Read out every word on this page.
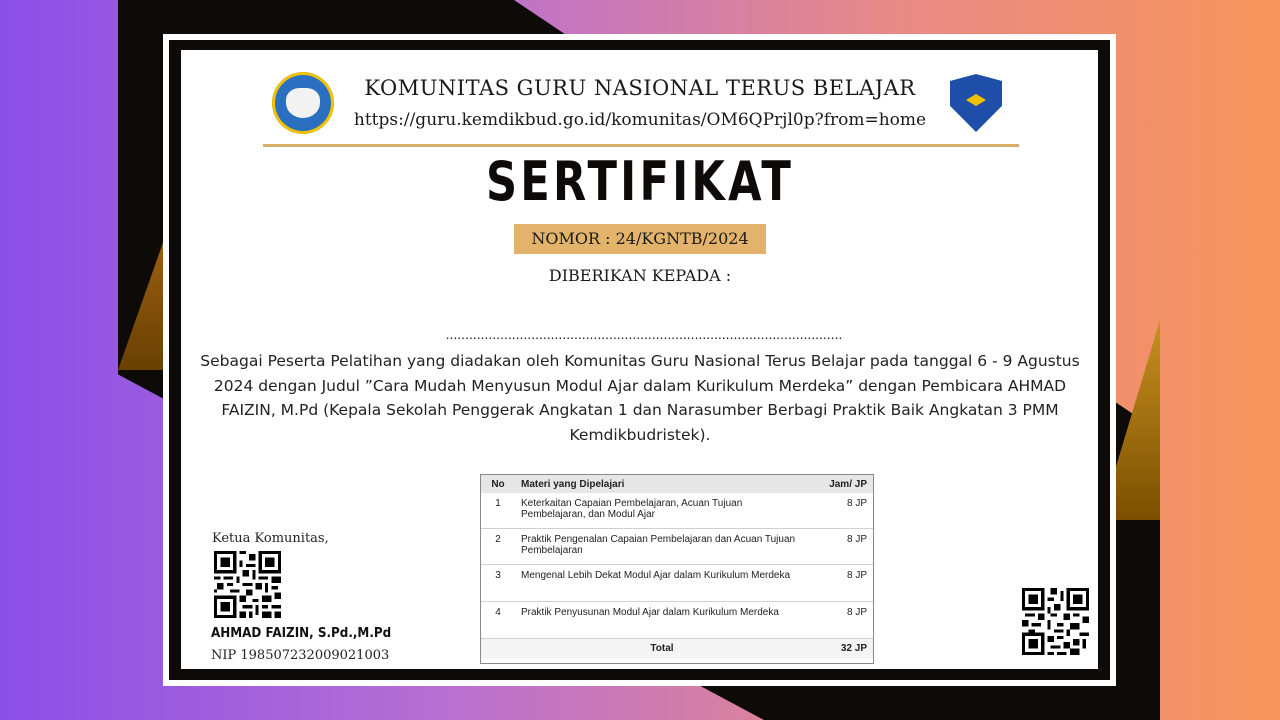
KOMUNITAS GURU NASIONAL TERUS BELAJAR
https://guru.kemdikbud.go.id/komunitas/OM6QPrjl0p?from=home
SERTIFIKAT
NOMOR : 24/KGNTB/2024
DIBERIKAN KEPADA :
......................................................................................................
Sebagai Peserta Pelatihan yang diadakan oleh Komunitas Guru Nasional Terus Belajar pada tanggal 6 - 9 Agustus 2024 dengan Judul ”Cara Mudah Menyusun Modul Ajar dalam Kurikulum Merdeka” dengan Pembicara AHMAD FAIZIN, M.Pd (Kepala Sekolah Penggerak Angkatan 1 dan Narasumber Berbagi Praktik Baik Angkatan 3 PMM Kemdikbudristek).
No	Materi yang Dipelajari	Jam/ JP
1	Keterkaitan Capaian Pembelajaran, Acuan Tujuan Pembelajaran, dan Modul Ajar	8 JP
2	Praktik Pengenalan Capaian Pembelajaran dan Acuan Tujuan Pembelajaran	8 JP
3	Mengenal Lebih Dekat Modul Ajar dalam Kurikulum Merdeka	8 JP
4	Praktik Penyusunan Modul Ajar dalam Kurikulum Merdeka	8 JP
	Total	32 JP
Ketua Komunitas,
AHMAD FAIZIN, S.Pd.,M.Pd
NIP 198507232009021003
